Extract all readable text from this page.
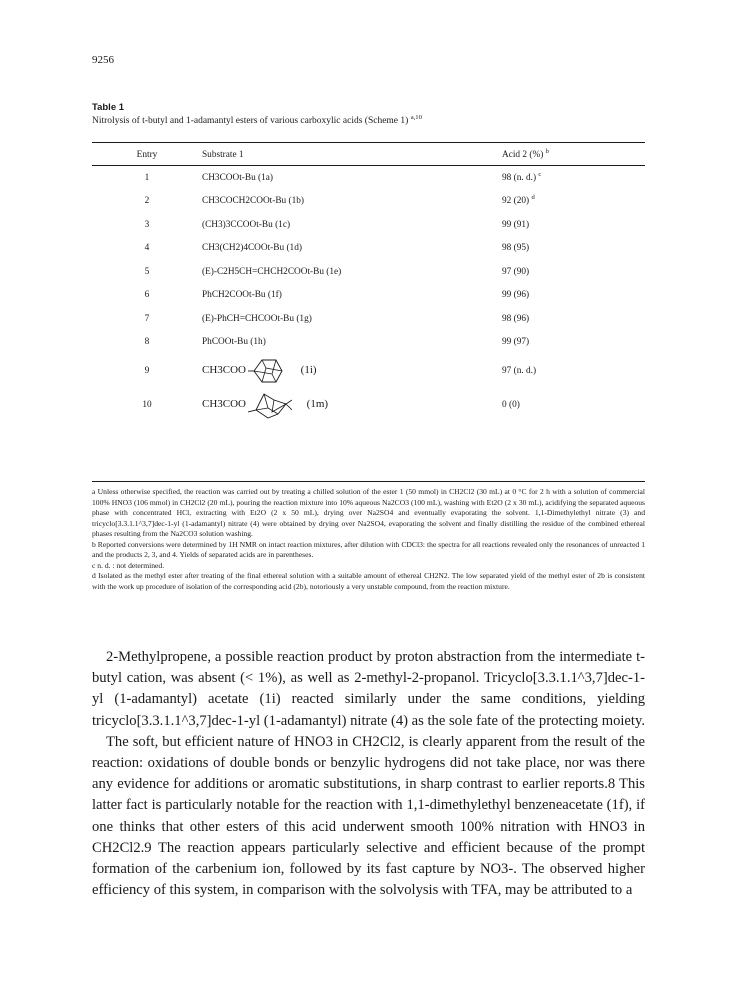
9256
Table 1
Nitrolysis of t-butyl and 1-adamantyl esters of various carboxylic acids (Scheme 1) $^{a,10}$
Entry	Substrate 1	Acid 2 (%) $^b$
1	CH3COOt-Bu (1a)	98 (n. d.) $^c$
2	CH3COCH2COOt-Bu (1b)	92 (20) $^d$
3	(CH3)3CCOOt-Bu (1c)	99 (91)
4	CH3(CH2)4COOt-Bu (1d)	98 (95)
5	(E)-C2H5CH=CHCH2COOt-Bu (1e)	97 (90)
6	PhCH2COOt-Bu (1f)	99 (96)
7	(E)-PhCH=CHCOOt-Bu (1g)	98 (96)
8	PhCOOt-Bu (1h)	99 (97)
9	CH3COO (1i)	97 (n. d.)
10	CH3COO (1m)	0 (0)

a Unless otherwise specified, the reaction was carried out by treating a chilled solution of the ester 1 (50 mmol) in CH2Cl2 (30 mL) at 0 °C for 2 h with a solution of commercial 100% HNO3 (106 mmol) in CH2Cl2 (20 mL), pouring the reaction mixture into 10% aqueous Na2CO3 (100 mL), washing with Et2O (2 x 30 mL), acidifying the separated aqueous phase with concentrated HCl, extracting with Et2O (2 x 50 mL), drying over Na2SO4 and eventually evaporating the solvent. 1,1-Dimethylethyl nitrate (3) and tricyclo[3.3.1.1^3,7]dec-1-yl (1-adamantyl) nitrate (4) were obtained by drying over Na2SO4, evaporating the solvent and finally distilling the residue of the combined ethereal phases resulting from the Na2CO3 solution washing.

b Reported conversions were determined by 1H NMR on intact reaction mixtures, after dilution with CDCl3: the spectra for all reactions revealed only the resonances of unreacted 1 and the products 2, 3, and 4. Yields of separated acids are in parentheses.

c n. d. : not determined.

d Isolated as the methyl ester after treating of the final ethereal solution with a suitable amount of ethereal CH2N2. The low separated yield of the methyl ester of 2b is consistent with the work up procedure of isolation of the corresponding acid (2b), notoriously a very unstable compound, from the reaction mixture.

2-Methylpropene, a possible reaction product by proton abstraction from the intermediate t-butyl cation, was absent (< 1%), as well as 2-methyl-2-propanol. Tricyclo[3.3.1.1^3,7]dec-1-yl (1-adamantyl) acetate (1i) reacted similarly under the same conditions, yielding tricyclo[3.3.1.1^3,7]dec-1-yl (1-adamantyl) nitrate (4) as the sole fate of the protecting moiety.

The soft, but efficient nature of HNO3 in CH2Cl2, is clearly apparent from the result of the reaction: oxidations of double bonds or benzylic hydrogens did not take place, nor was there any evidence for additions or aromatic substitutions, in sharp contrast to earlier reports.8 This latter fact is particularly notable for the reaction with 1,1-dimethylethyl benzeneacetate (1f), if one thinks that other esters of this acid underwent smooth 100% nitration with HNO3 in CH2Cl2.9 The reaction appears particularly selective and efficient because of the prompt formation of the carbenium ion, followed by its fast capture by NO3-. The observed higher efficiency of this system, in comparison with the solvolysis with TFA, may be attributed to a
